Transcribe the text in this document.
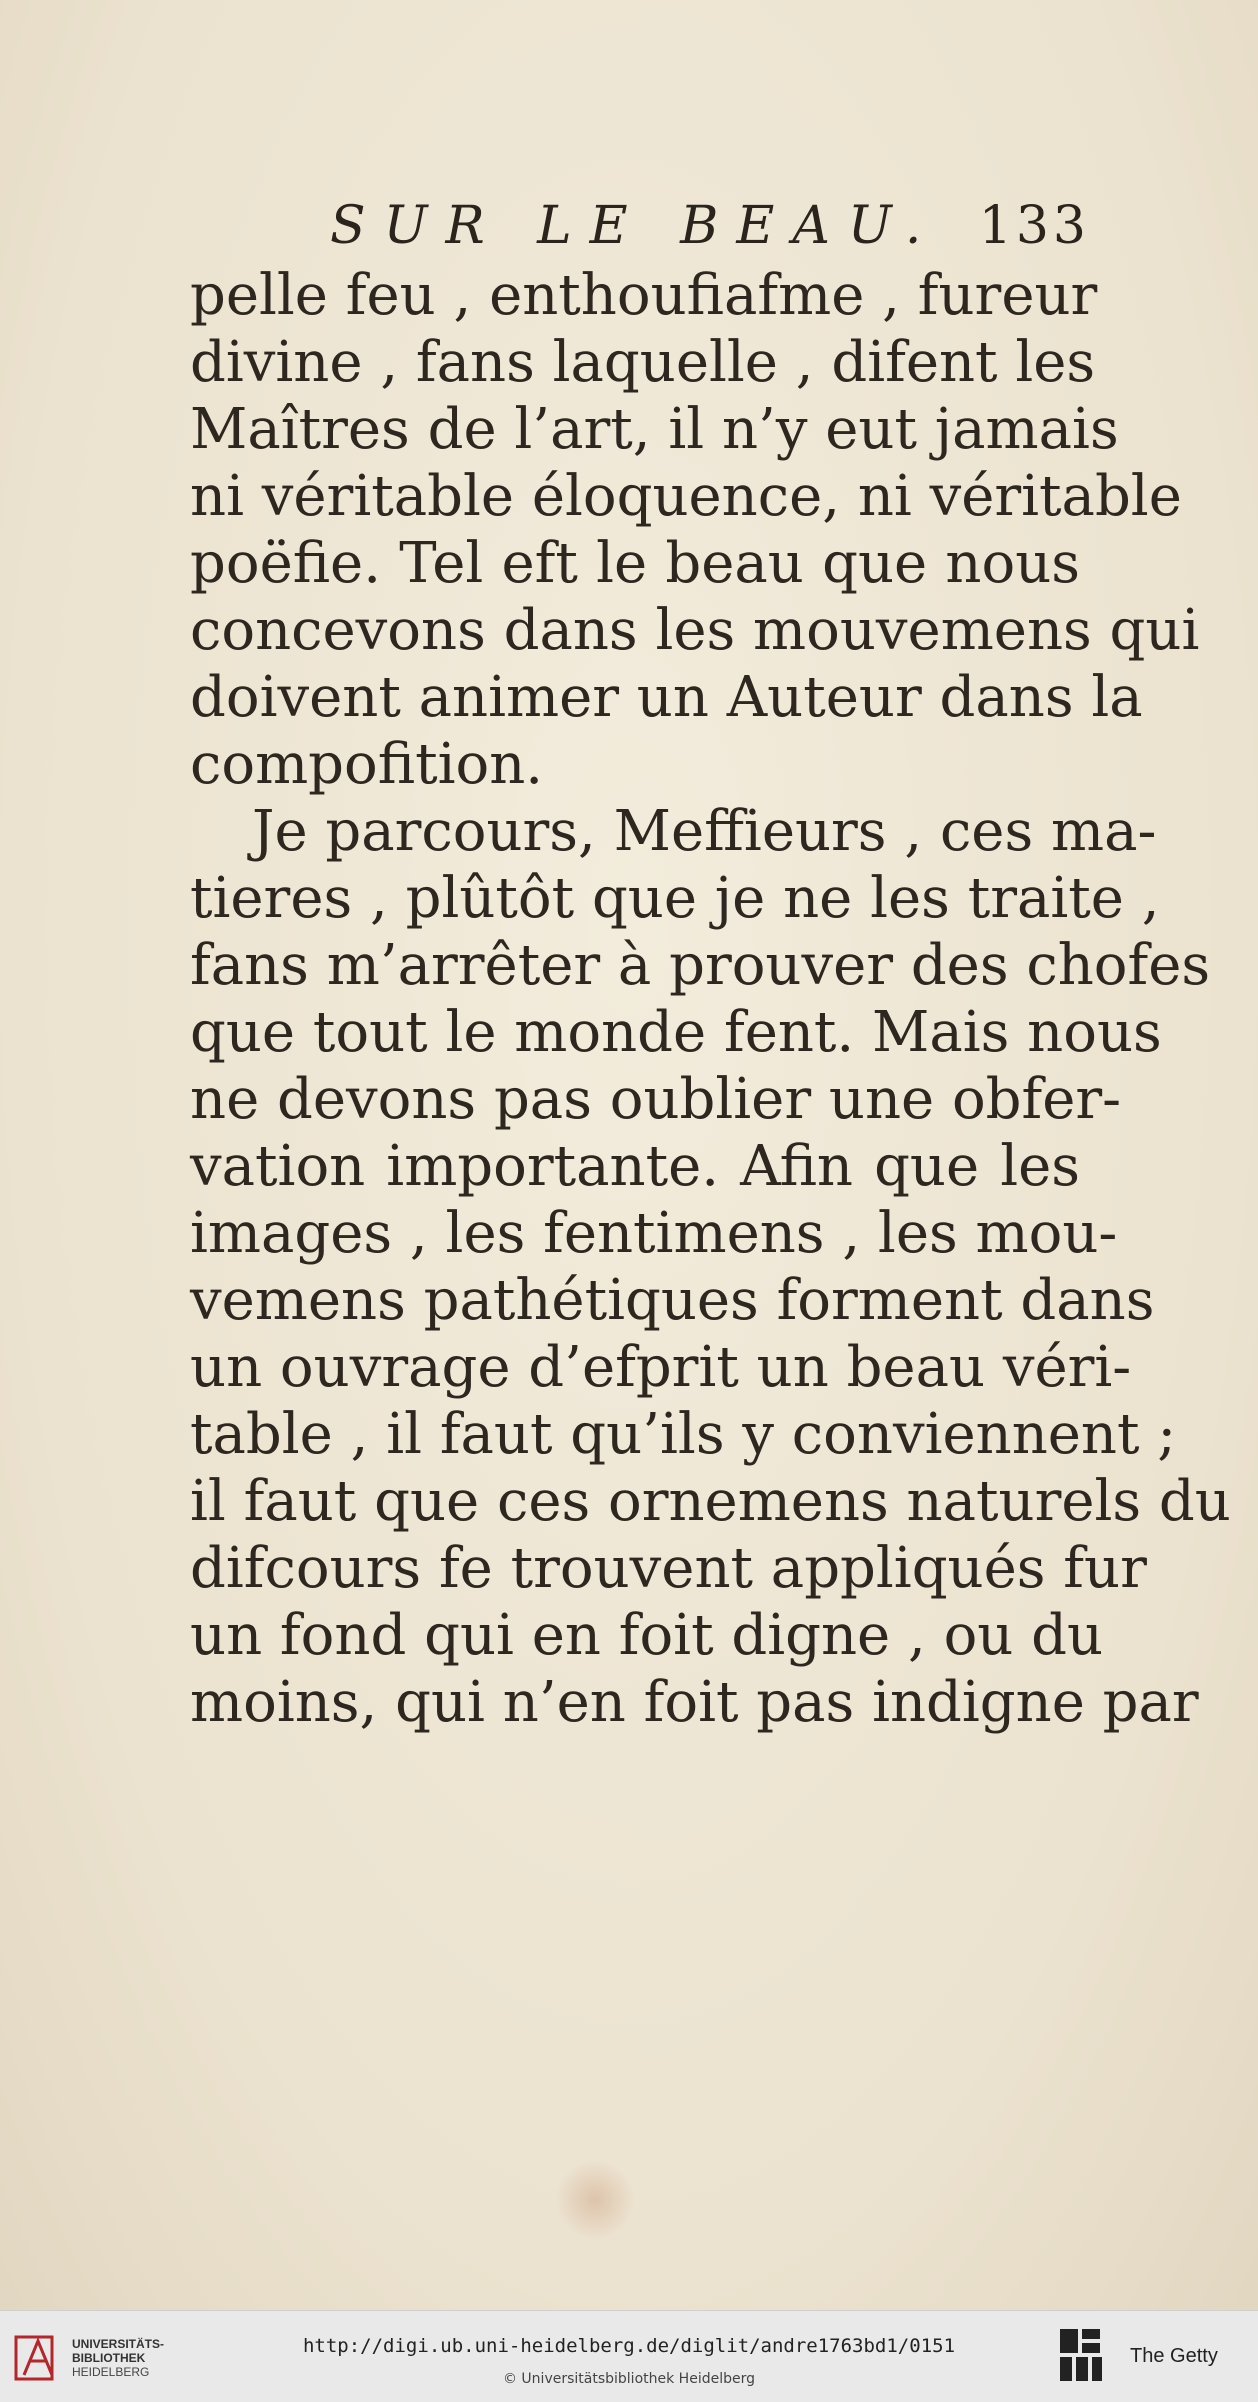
SUR LE BEAU. 133
pelle feu , enthoufiafme , fureur
divine , fans laquelle , difent les
Maîtres de l’art, il n’y eut jamais
ni véritable éloquence, ni véritable
poëfie. Tel eft le beau que nous
concevons dans les mouvemens qui
doivent animer un Auteur dans la
compofition.
Je parcours, Meffieurs , ces ma-
tieres , plûtôt que je ne les traite ,
fans m’arrêter à prouver des chofes
que tout le monde fent. Mais nous
ne devons pas oublier une obfer-
vation importante. Afin que les
images , les fentimens , les mou-
vemens pathétiques forment dans
un ouvrage d’efprit un beau véri-
table , il faut qu’ils y conviennent ;
il faut que ces ornemens naturels du
difcours fe trouvent appliqués fur
un fond qui en foit digne , ou du
moins, qui n’en foit pas indigne par
UNIVERSITÄTS-
BIBLIOTHEK
HEIDELBERG
http://digi.ub.uni-heidelberg.de/diglit/andre1763bd1/0151
© Universitätsbibliothek Heidelberg
The Getty
